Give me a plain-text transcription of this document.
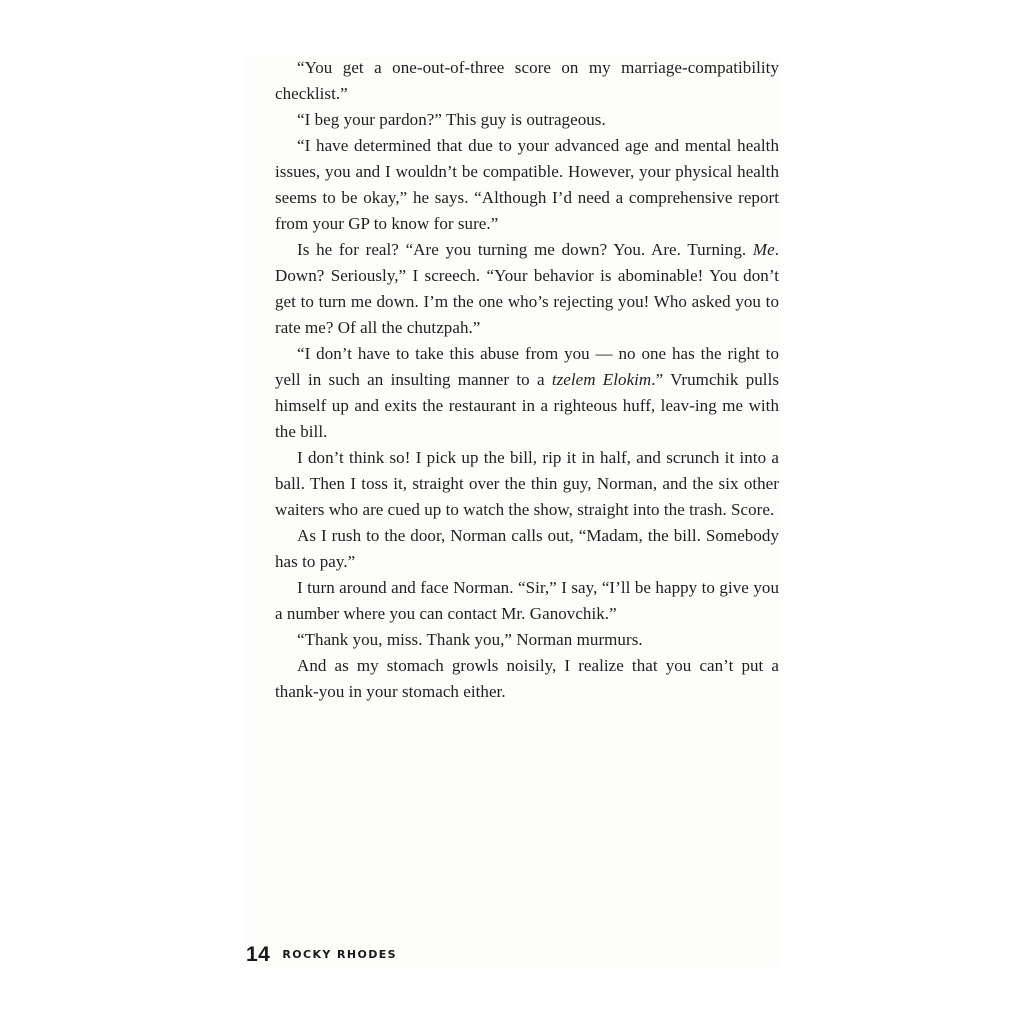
“You get a one-out-of-three score on my marriage-compatibility checklist.”

“I beg your pardon?” This guy is outrageous.

“I have determined that due to your advanced age and mental health issues, you and I wouldn’t be compatible. However, your physical health seems to be okay,” he says. “Although I’d need a comprehensive report from your GP to know for sure.”

Is he for real? “Are you turning me down? You. Are. Turning. Me. Down? Seriously,” I screech. “Your behavior is abominable! You don’t get to turn me down. I’m the one who’s rejecting you! Who asked you to rate me? Of all the chutzpah.”

“I don’t have to take this abuse from you — no one has the right to yell in such an insulting manner to a tzelem Elokim.” Vrumchik pulls himself up and exits the restaurant in a righteous huff, leav-ing me with the bill.

I don’t think so! I pick up the bill, rip it in half, and scrunch it into a ball. Then I toss it, straight over the thin guy, Norman, and the six other waiters who are cued up to watch the show, straight into the trash. Score.

As I rush to the door, Norman calls out, “Madam, the bill. Somebody has to pay.”

I turn around and face Norman. “Sir,” I say, “I’ll be happy to give you a number where you can contact Mr. Ganovchik.”

“Thank you, miss. Thank you,” Norman murmurs.

And as my stomach growls noisily, I realize that you can’t put a thank-you in your stomach either.

14 ROCKY RHODES
